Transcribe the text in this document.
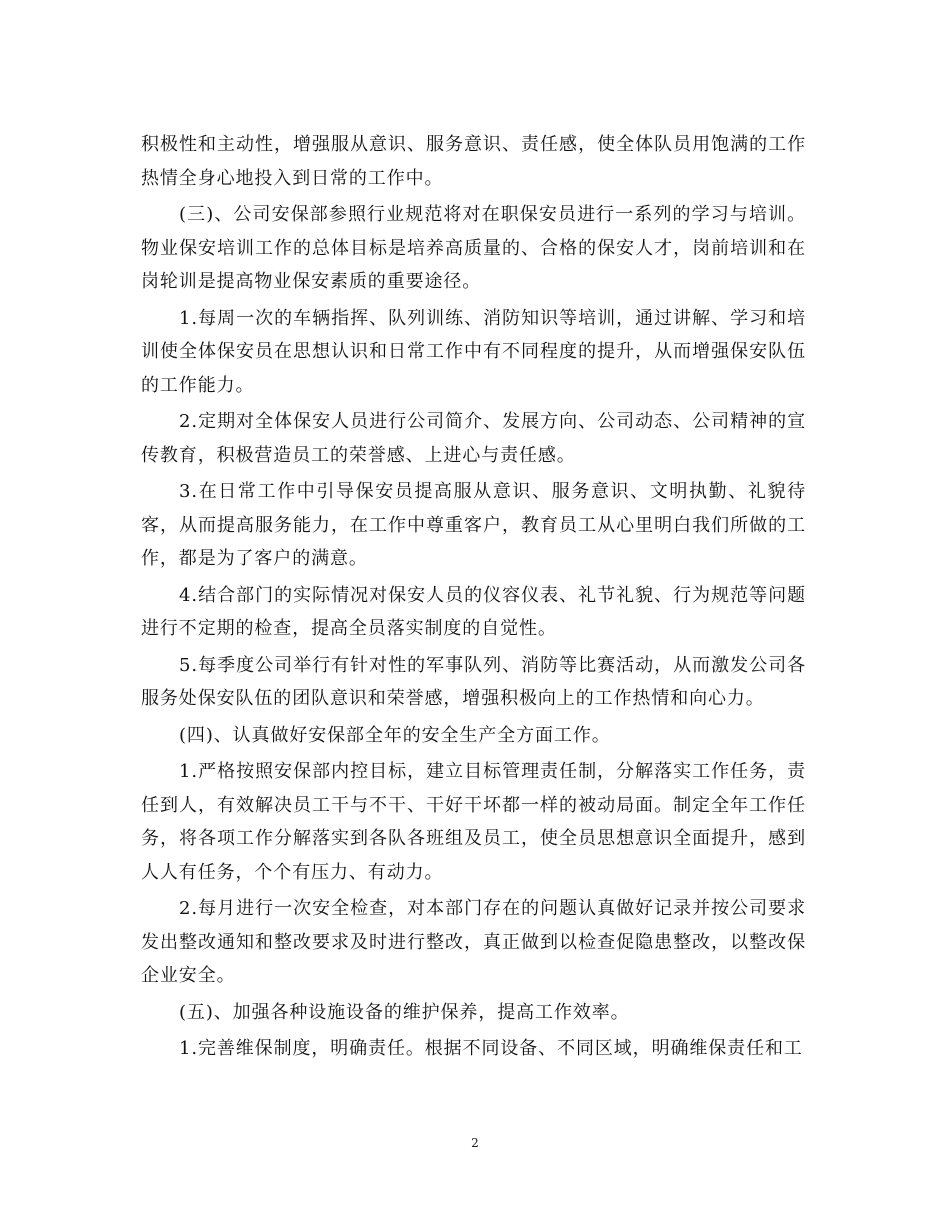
积极性和主动性，增强服从意识、服务意识、责任感，使全体队员用饱满的工作热情全身心地投入到日常的工作中。

(三)、公司安保部参照行业规范将对在职保安员进行一系列的学习与培训。物业保安培训工作的总体目标是培养高质量的、合格的保安人才，岗前培训和在岗轮训是提高物业保安素质的重要途径。

1.每周一次的车辆指挥、队列训练、消防知识等培训，通过讲解、学习和培训使全体保安员在思想认识和日常工作中有不同程度的提升，从而增强保安队伍的工作能力。

2.定期对全体保安人员进行公司简介、发展方向、公司动态、公司精神的宣传教育，积极营造员工的荣誉感、上进心与责任感。

3.在日常工作中引导保安员提高服从意识、服务意识、文明执勤、礼貌待客，从而提高服务能力，在工作中尊重客户，教育员工从心里明白我们所做的工作，都是为了客户的满意。

4.结合部门的实际情况对保安人员的仪容仪表、礼节礼貌、行为规范等问题进行不定期的检查，提高全员落实制度的自觉性。

5.每季度公司举行有针对性的军事队列、消防等比赛活动，从而激发公司各服务处保安队伍的团队意识和荣誉感，增强积极向上的工作热情和向心力。

(四)、认真做好安保部全年的安全生产全方面工作。

1.严格按照安保部内控目标，建立目标管理责任制，分解落实工作任务，责任到人，有效解决员工干与不干、干好干坏都一样的被动局面。制定全年工作任务，将各项工作分解落实到各队各班组及员工，使全员思想意识全面提升，感到人人有任务，个个有压力、有动力。

2.每月进行一次安全检查，对本部门存在的问题认真做好记录并按公司要求发出整改通知和整改要求及时进行整改，真正做到以检查促隐患整改，以整改保企业安全。

(五)、加强各种设施设备的维护保养，提高工作效率。

1.完善维保制度，明确责任。根据不同设备、不同区域，明确维保责任和工

2
